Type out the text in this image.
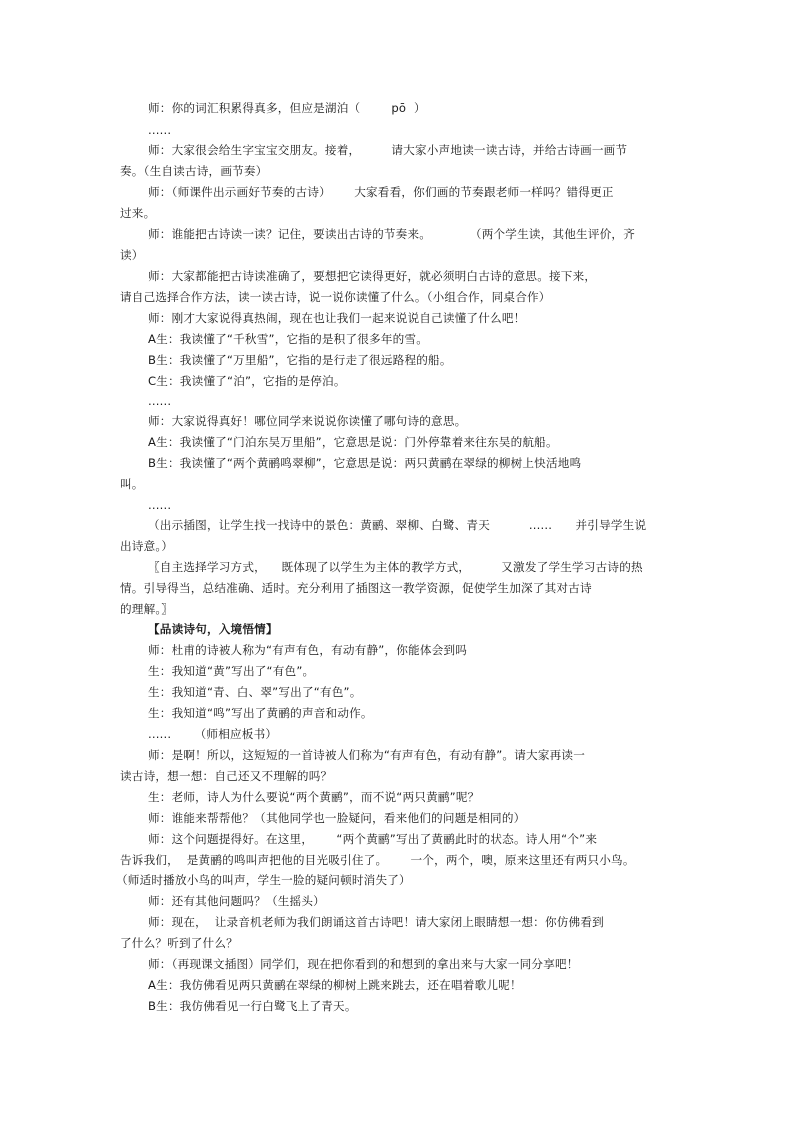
师：你的词汇积累得真多，但应是湖泊（        pō  ）
......
师：大家很会给生字宝宝交朋友。接着，        请大家小声地读一读古诗，并给古诗画一画节
奏。（生自读古诗，画节奏）
师：（师课件出示画好节奏的古诗）      大家看看，你们画的节奏跟老师一样吗？错得更正
过来。
师：谁能把古诗读一读？记住，要读出古诗的节奏来。          （两个学生读，其他生评价，齐
读）
师：大家都能把古诗读准确了，要想把它读得更好，就必须明白古诗的意思。接下来，
请自己选择合作方法，读一读古诗，说一说你读懂了什么。（小组合作，同桌合作）
师：刚才大家说得真热闹，现在也让我们一起来说说自己读懂了什么吧！
A生：我读懂了“千秋雪”，它指的是积了很多年的雪。
B生：我读懂了“万里船”，它指的是行走了很远路程的船。
C生：我读懂了“泊”，它指的是停泊。
......
师：大家说得真好！哪位同学来说说你读懂了哪句诗的意思。
A生：我读懂了“门泊东吴万里船”，它意思是说：门外停靠着来往东吴的航船。
B生：我读懂了“两个黄鹂鸣翠柳”，它意思是说：两只黄鹂在翠绿的柳树上快活地鸣
叫。
......
（出示插图，让学生找一找诗中的景色：黄鹂、翠柳、白鹭、青天          ......      并引导学生说
出诗意。）
〖自主选择学习方式，    既体现了以学生为主体的教学方式，        又激发了学生学习古诗的热
情。引导得当，总结准确、适时。充分利用了插图这一教学资源，促使学生加深了其对古诗
的理解。〗
【品读诗句，入境悟情】
师：杜甫的诗被人称为“有声有色，有动有静”，你能体会到吗
生：我知道“黄”写出了“有色”。
生：我知道“青、白、翠”写出了“有色”。
生：我知道“鸣”写出了黄鹂的声音和动作。
......      （师相应板书）
师：是啊！所以，这短短的一首诗被人们称为“有声有色，有动有静”。请大家再读一
读古诗，想一想：自己还又不理解的吗？
生：老师，诗人为什么要说“两个黄鹂”，而不说“两只黄鹂”呢？
师：谁能来帮帮他？（其他同学也一脸疑问，看来他们的问题是相同的）
师：这个问题提得好。在这里，      “两个黄鹂”写出了黄鹂此时的状态。诗人用“个”来
告诉我们，  是黄鹂的鸣叫声把他的目光吸引住了。      一个，两个，噢，原来这里还有两只小鸟。
（师适时播放小鸟的叫声，学生一脸的疑问顿时消失了）
师：还有其他问题吗？（生摇头）
师：现在，  让录音机老师为我们朗诵这首古诗吧！请大家闭上眼睛想一想：你仿佛看到
了什么？听到了什么？
师：（再现课文插图）同学们，现在把你看到的和想到的拿出来与大家一同分享吧！
A生：我仿佛看见两只黄鹂在翠绿的柳树上跳来跳去，还在唱着歌儿呢！
B生：我仿佛看见一行白鹭飞上了青天。
